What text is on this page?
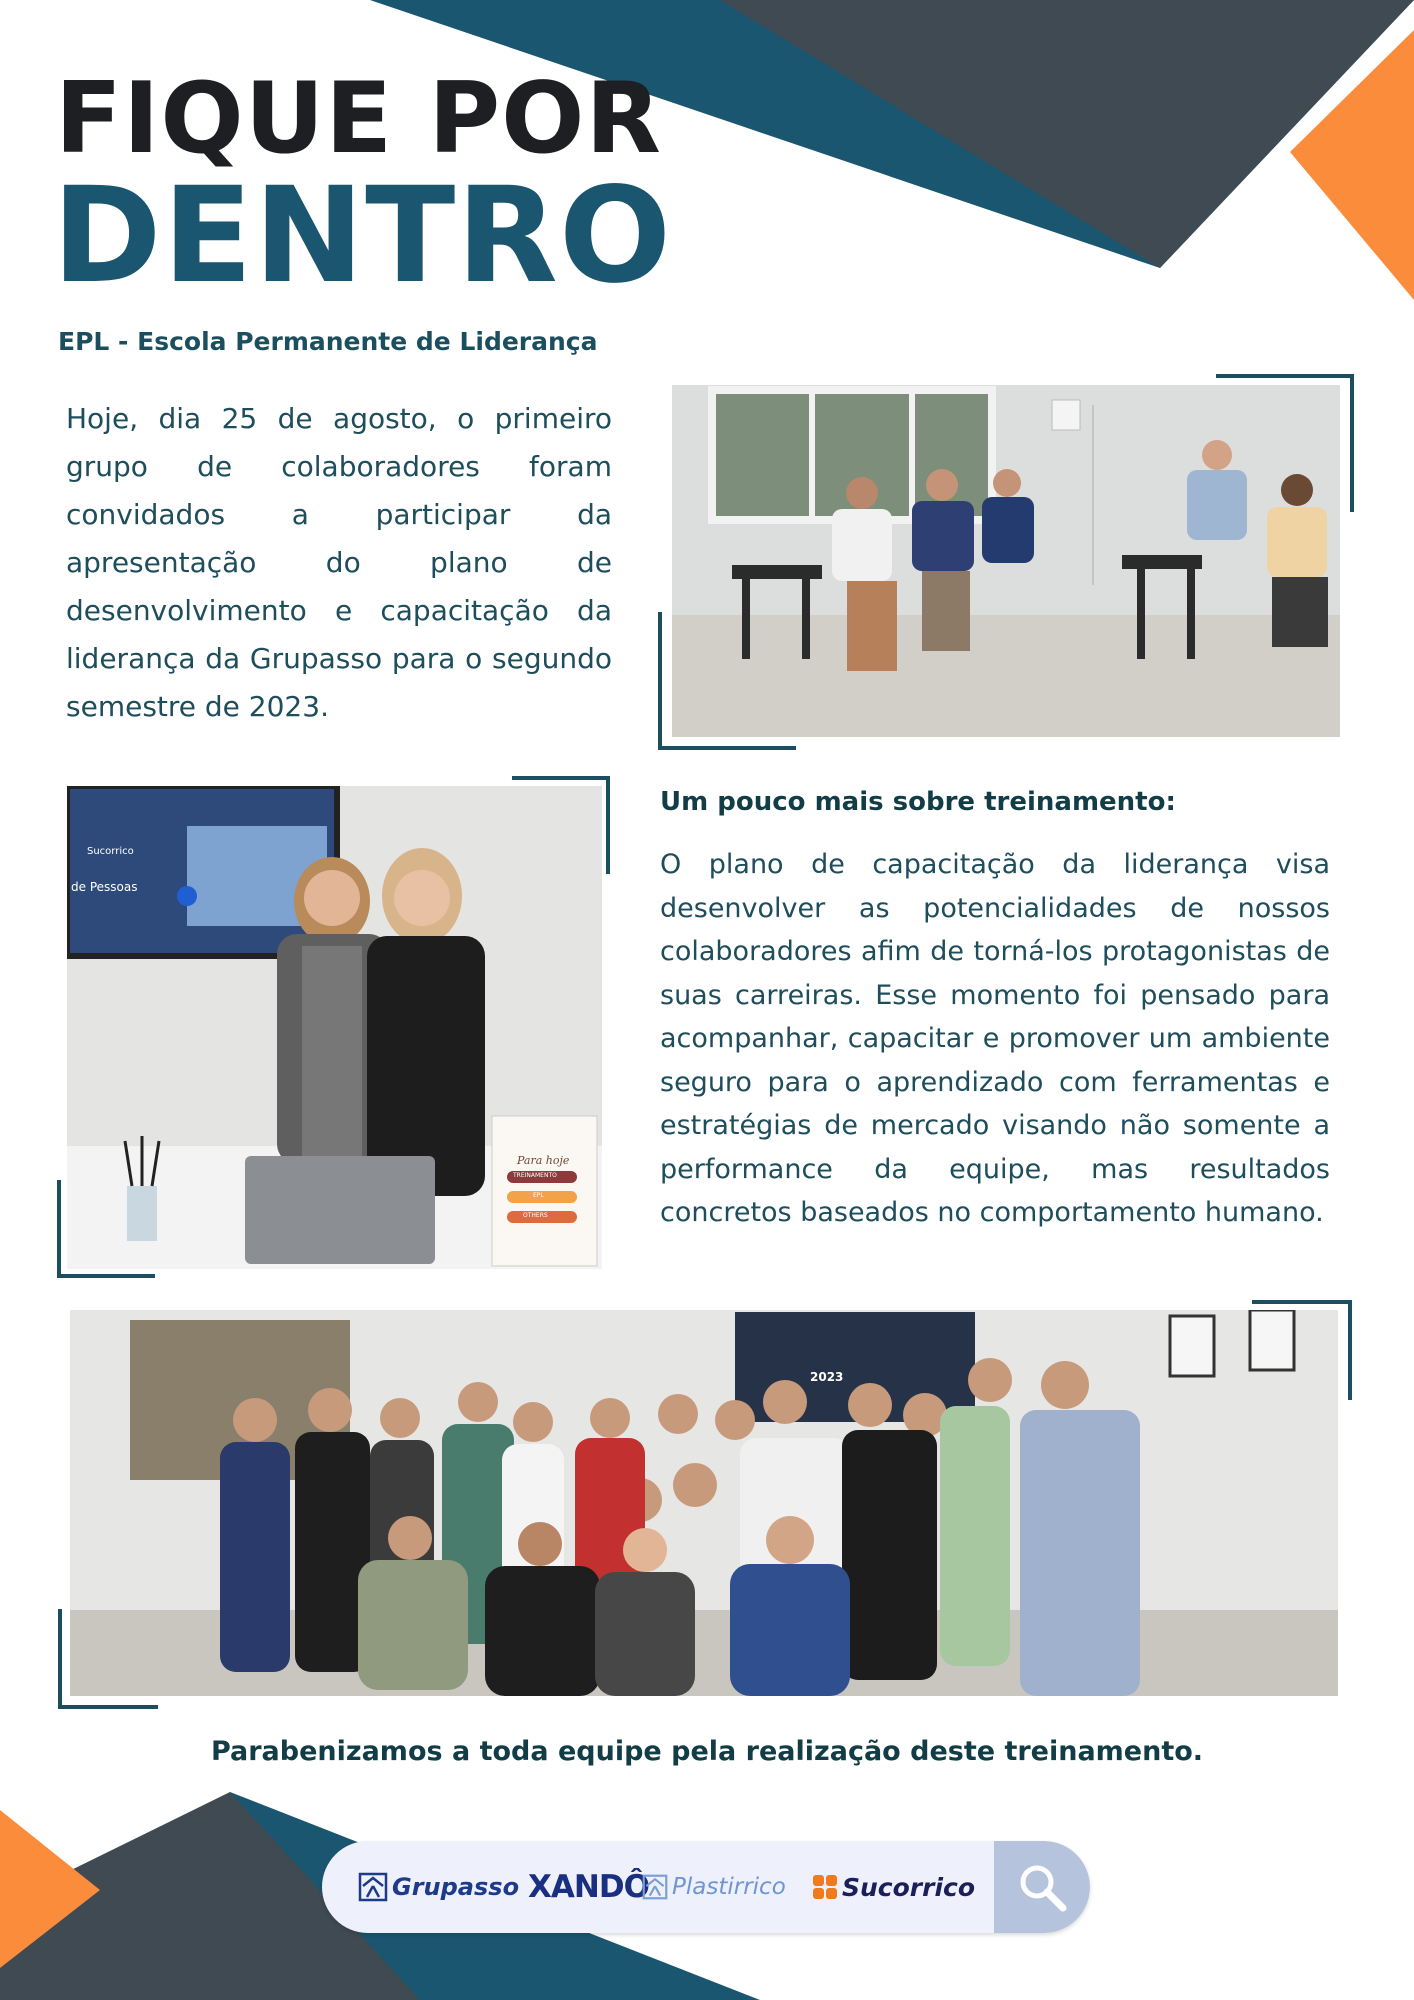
FIQUE POR
DENTRO

EPL - Escola Permanente de Liderança

Hoje, dia 25 de agosto, o primeiro grupo de colaboradores foram convidados a participar da apresentação do plano de desenvolvimento e capacitação da liderança da Grupasso para o segundo semestre de 2023.

de Pessoas
Sucorrico
Para hoje
TREINAMENTO
EPL
OTHERS

Um pouco mais sobre treinamento:

O plano de capacitação da liderança visa desenvolver as potencialidades de nossos colaboradores afim de torná-los protagonistas de suas carreiras. Esse momento foi pensado para acompanhar, capacitar e promover um ambiente seguro para o aprendizado com ferramentas e estratégias de mercado visando não somente a performance da equipe, mas resultados concretos baseados no comportamento humano.

2023

Parabenizamos a toda equipe pela realização deste treinamento.

Grupasso XANDÔ Plastirrico Sucorrico
